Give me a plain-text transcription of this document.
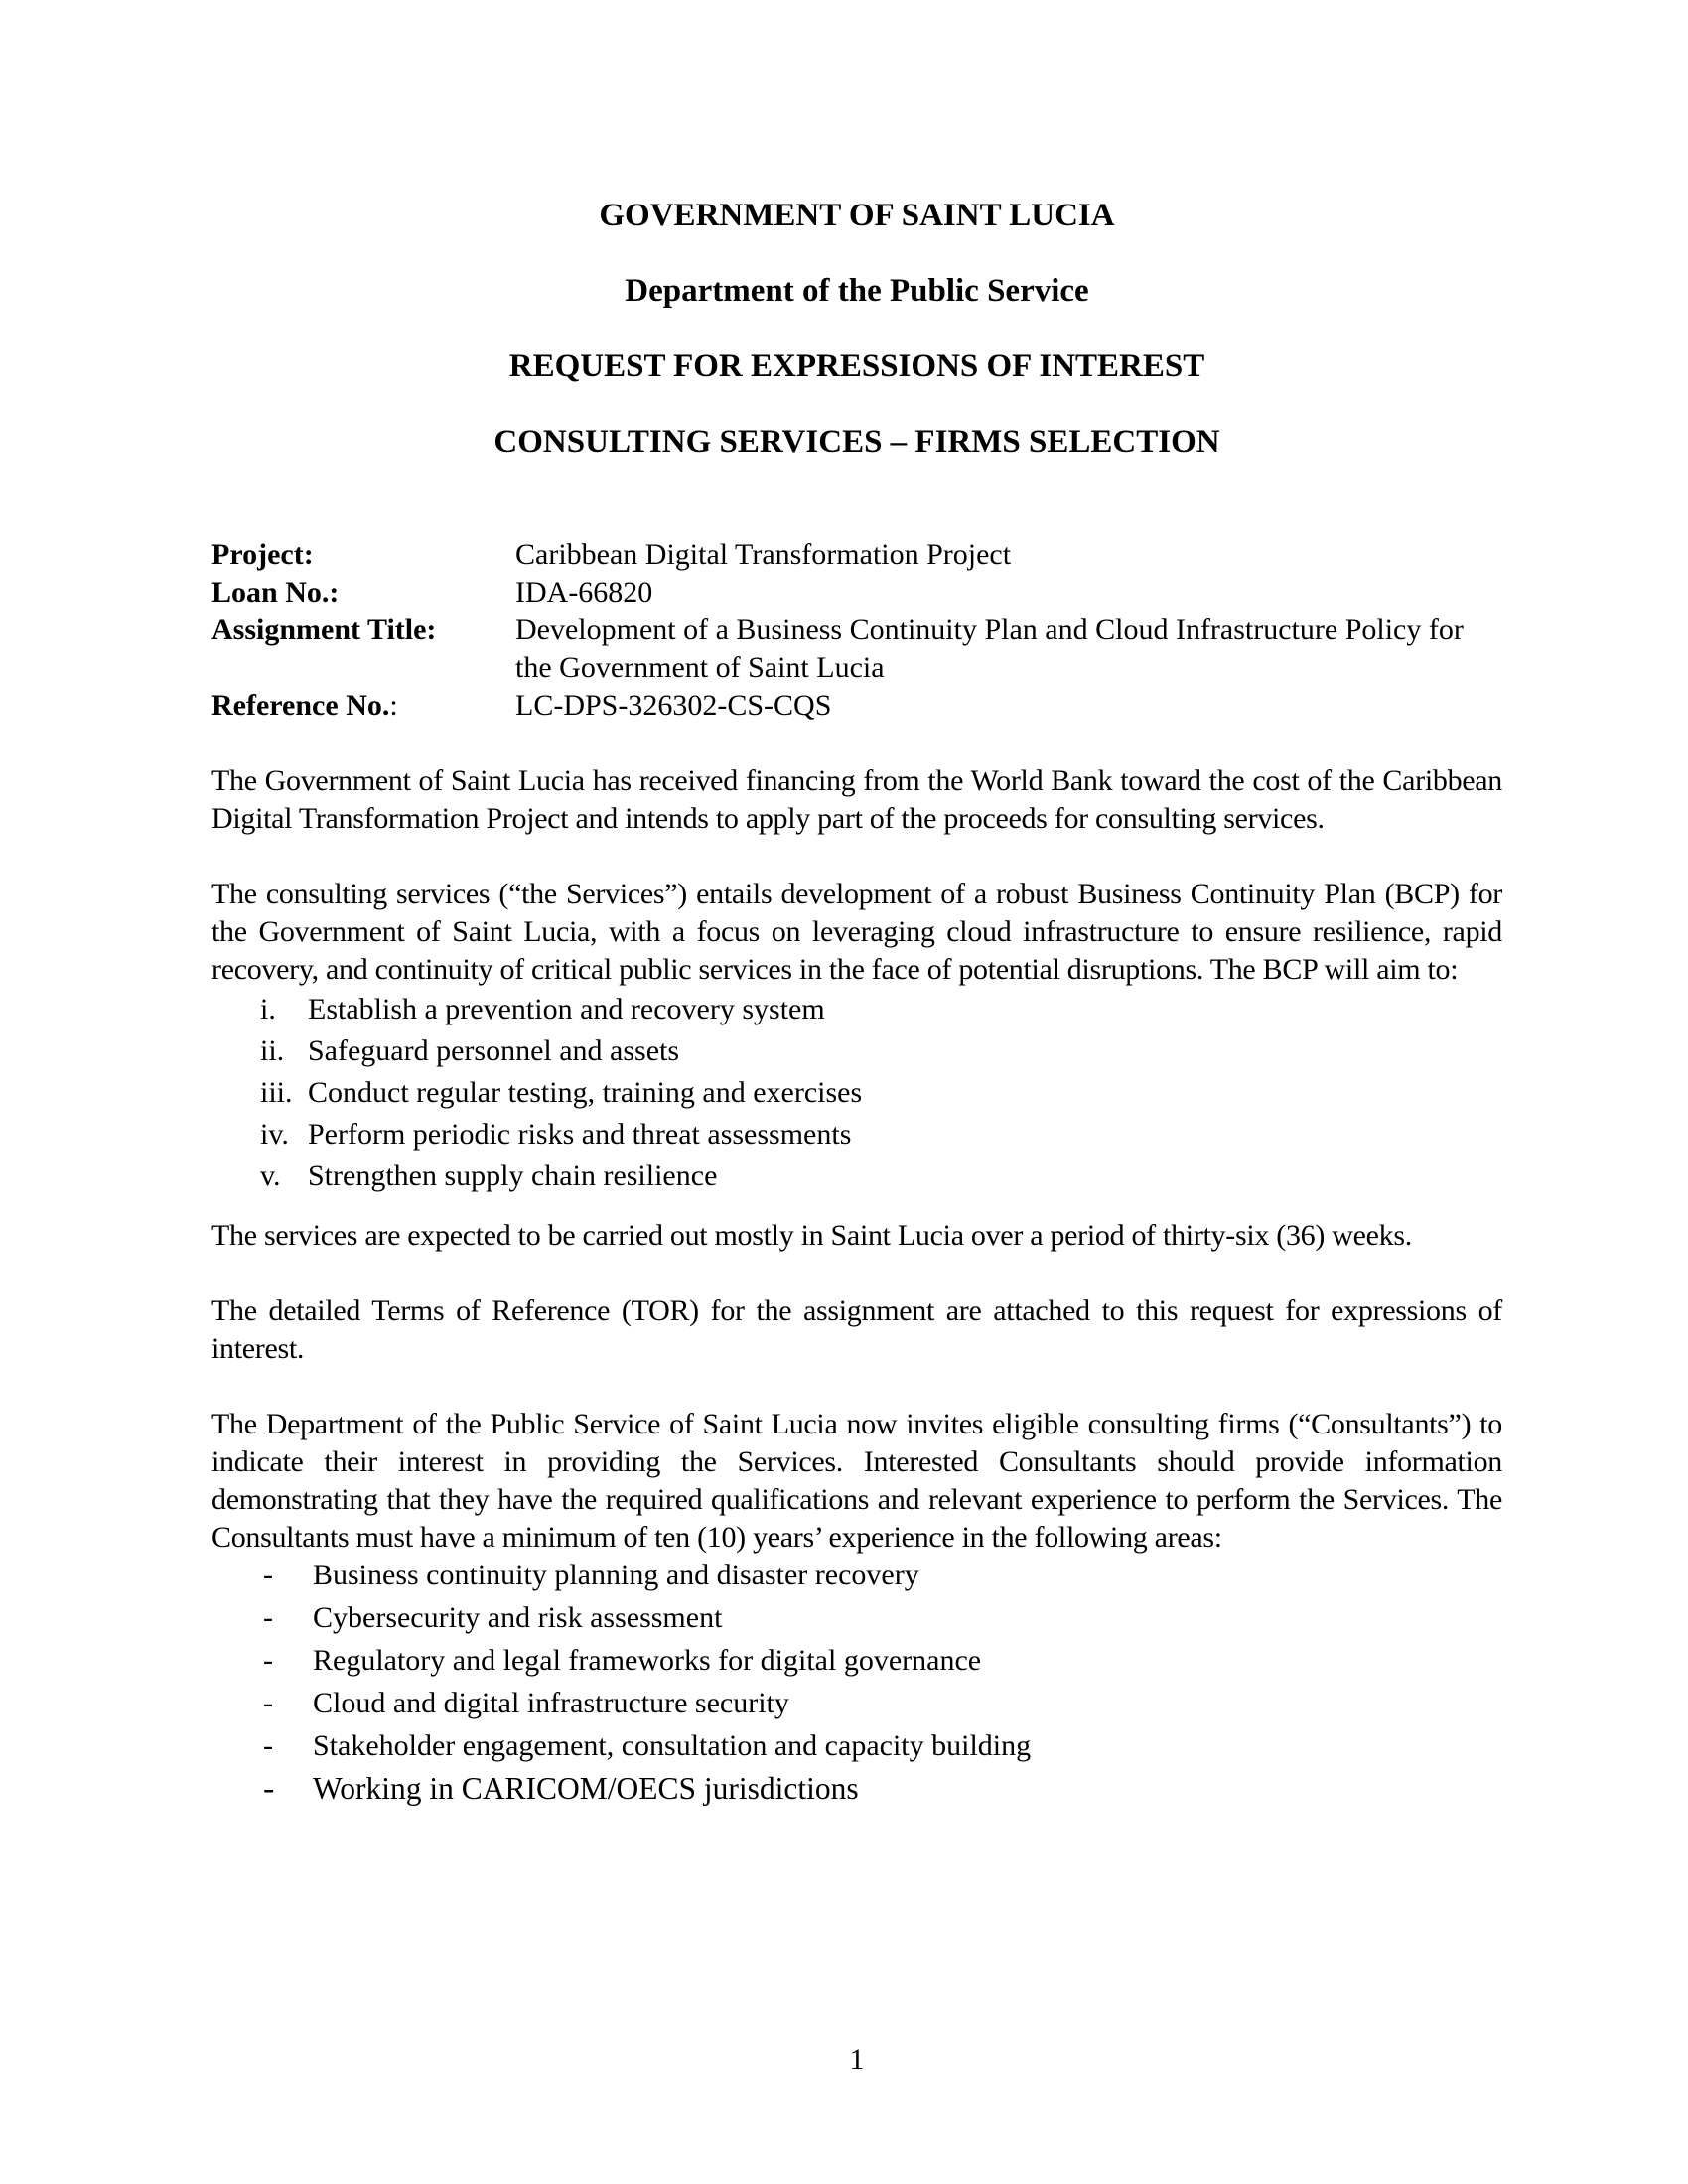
GOVERNMENT OF SAINT LUCIA
Department of the Public Service
REQUEST FOR EXPRESSIONS OF INTEREST
CONSULTING SERVICES – FIRMS SELECTION
Project:	Caribbean Digital Transformation Project
Loan No.:	IDA-66820
Assignment Title:	Development of a Business Continuity Plan and Cloud Infrastructure Policy for the Government of Saint Lucia
Reference No.:	LC-DPS-326302-CS-CQS

The Government of Saint Lucia has received financing from the World Bank toward the cost of the Caribbean Digital Transformation Project and intends to apply part of the proceeds for consulting services.

The consulting services (“the Services”) entails development of a robust Business Continuity Plan (BCP) for the Government of Saint Lucia, with a focus on leveraging cloud infrastructure to ensure resilience, rapid recovery, and continuity of critical public services in the face of potential disruptions. The BCP will aim to:

i.	Establish a prevention and recovery system
ii. Safeguard personnel and assets
iii. Conduct regular testing, training and exercises
iv. Perform periodic risks and threat assessments
v. Strengthen supply chain resilience

The services are expected to be carried out mostly in Saint Lucia over a period of thirty-six (36) weeks.

The detailed Terms of Reference (TOR) for the assignment are attached to this request for expressions of interest.

The Department of the Public Service of Saint Lucia now invites eligible consulting firms (“Consultants”) to indicate their interest in providing the Services. Interested Consultants should provide information demonstrating that they have the required qualifications and relevant experience to perform the Services. The Consultants must have a minimum of ten (10) years’ experience in the following areas:

-	Business continuity planning and disaster recovery
-	Cybersecurity and risk assessment
-	Regulatory and legal frameworks for digital governance
-	Cloud and digital infrastructure security
-	Stakeholder engagement, consultation and capacity building
-	Working in CARICOM/OECS jurisdictions
1
